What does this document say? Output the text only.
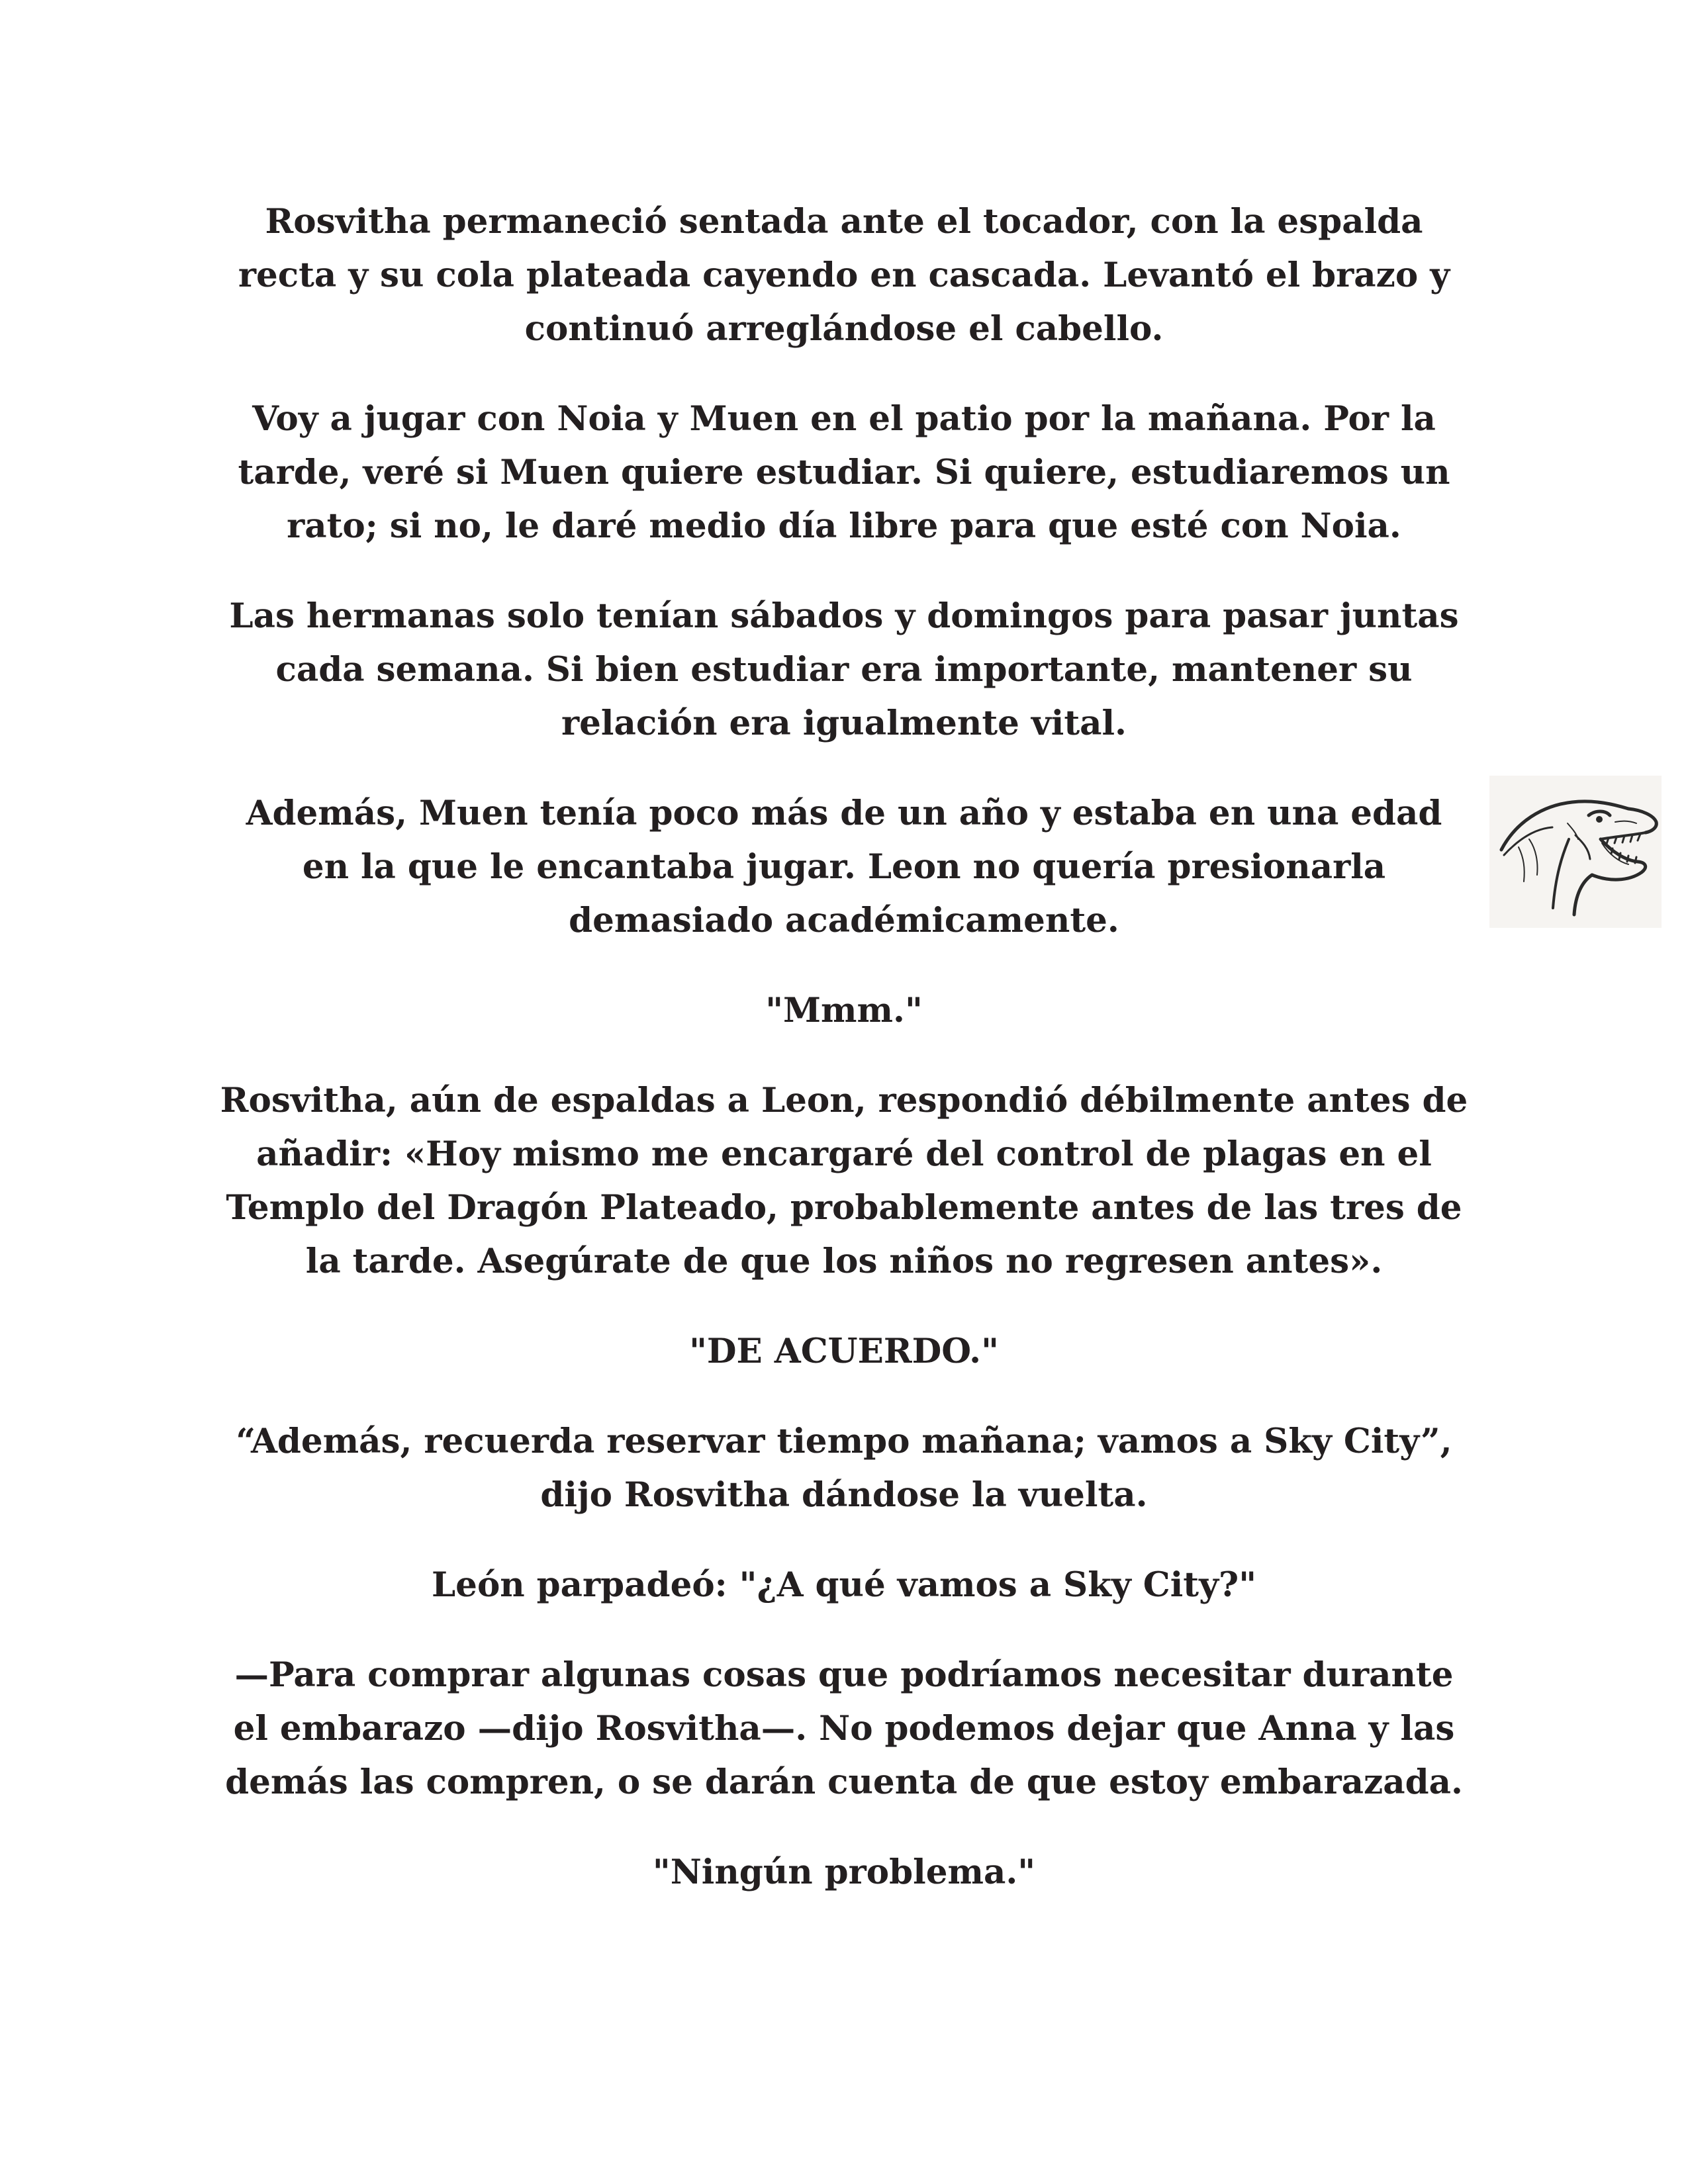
Rosvitha permaneció sentada ante el tocador, con la espalda recta y su cola plateada cayendo en cascada. Levantó el brazo y continuó arreglándose el cabello.

Voy a jugar con Noia y Muen en el patio por la mañana. Por la tarde, veré si Muen quiere estudiar. Si quiere, estudiaremos un rato; si no, le daré medio día libre para que esté con Noia.

Las hermanas solo tenían sábados y domingos para pasar juntas cada semana. Si bien estudiar era importante, mantener su relación era igualmente vital.

Además, Muen tenía poco más de un año y estaba en una edad en la que le encantaba jugar. Leon no quería presionarla demasiado académicamente.

"Mmm."

Rosvitha, aún de espaldas a Leon, respondió débilmente antes de añadir: «Hoy mismo me encargaré del control de plagas en el Templo del Dragón Plateado, probablemente antes de las tres de la tarde. Asegúrate de que los niños no regresen antes».

"DE ACUERDO."

“Además, recuerda reservar tiempo mañana; vamos a Sky City”, dijo Rosvitha dándose la vuelta.

León parpadeó: "¿A qué vamos a Sky City?"

—Para comprar algunas cosas que podríamos necesitar durante el embarazo —dijo Rosvitha—. No podemos dejar que Anna y las demás las compren, o se darán cuenta de que estoy embarazada.

"Ningún problema."
